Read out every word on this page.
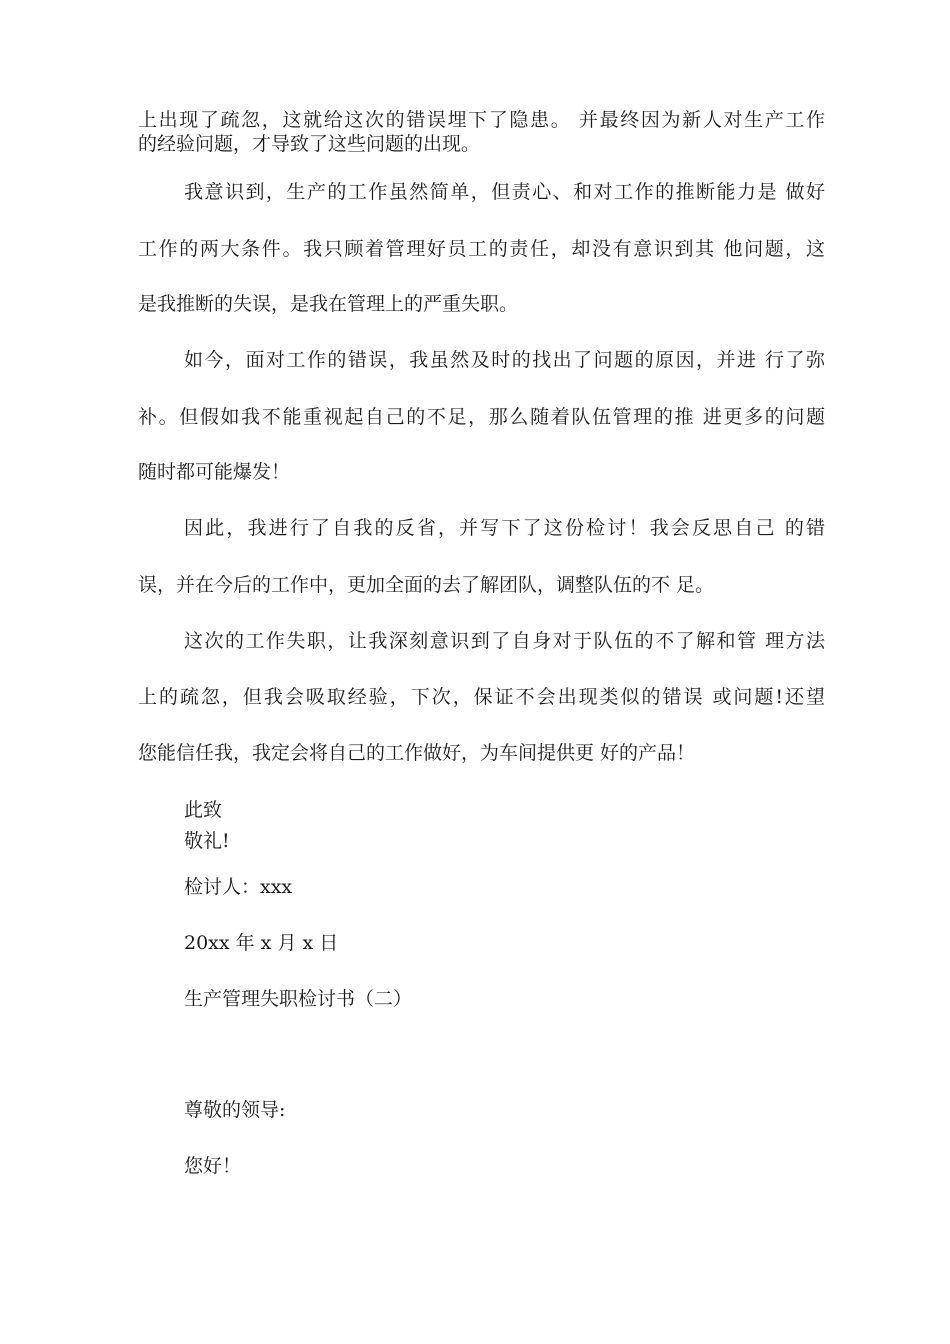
上出现了疏忽，这就给这次的错误埋下了隐患。 并最终因为新人对生产工作

的经验问题，才导致了这些问题的出现。

我意识到，生产的工作虽然简单，但责心、和对工作的推断能力是 做好

工作的两大条件。我只顾着管理好员工的责任，却没有意识到其 他问题，这

是我推断的失误，是我在管理上的严重失职。

如今，面对工作的错误，我虽然及时的找出了问题的原因，并进 行了弥

补。但假如我不能重视起自己的不足，那么随着队伍管理的推 进更多的问题

随时都可能爆发！

因此，我进行了自我的反省，并写下了这份检讨！我会反思自己 的错

误，并在今后的工作中，更加全面的去了解团队，调整队伍的不 足。

这次的工作失职，让我深刻意识到了自身对于队伍的不了解和管 理方法

上的疏忽，但我会吸取经验，下次，保证不会出现类似的错误 或问题!还望

您能信任我，我定会将自己的工作做好，为车间提供更 好的产品！

此致

敬礼!

检讨人：xxx

20xx 年 x 月 x 日

生产管理失职检讨书（二）

尊敬的领导:

您好！
